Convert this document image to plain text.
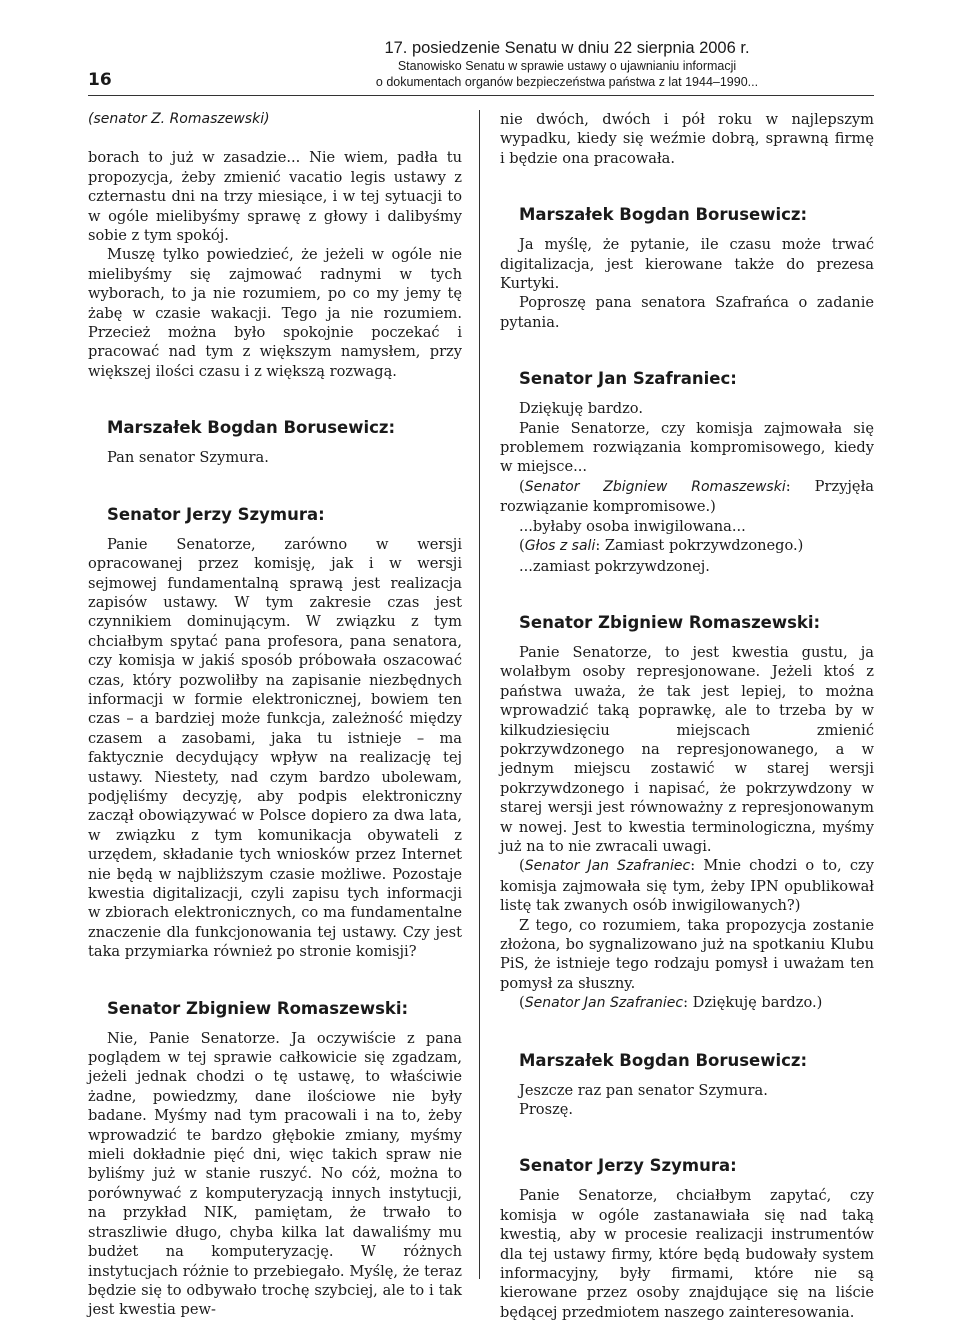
16
17. posiedzenie Senatu w dniu 22 sierpnia 2006 r.
Stanowisko Senatu w sprawie ustawy o ujawnianiu informacji
o dokumentach organów bezpieczeństwa państwa z lat 1944–1990...

(senator Z. Romaszewski)

borach to już w zasadzie... Nie wiem, padła tu propozycja, żeby zmienić vacatio legis ustawy z czternastu dni na trzy miesiące, i w tej sytuacji to w ogóle mielibyśmy sprawę z głowy i dalibyśmy sobie z tym spokój.

Muszę tylko powiedzieć, że jeżeli w ogóle nie mielibyśmy się zajmować radnymi w tych wyborach, to ja nie rozumiem, po co my jemy tę żabę w czasie wakacji. Tego ja nie rozumiem. Przecież można było spokojnie poczekać i pracować nad tym z większym namysłem, przy większej ilości czasu i z większą rozwagą.

Marszałek Bogdan Borusewicz:

Pan senator Szymura.

Senator Jerzy Szymura:

Panie Senatorze, zarówno w wersji opracowanej przez komisję, jak i w wersji sejmowej fundamentalną sprawą jest realizacja zapisów ustawy. W tym zakresie czas jest czynnikiem dominującym. W związku z tym chciałbym spytać pana profesora, pana senatora, czy komisja w jakiś sposób próbowała oszacować czas, który pozwoliłby na zapisanie niezbędnych informacji w formie elektronicznej, bowiem ten czas – a bardziej może funkcja, zależność między czasem a zasobami, jaka tu istnieje – ma faktycznie decydujący wpływ na realizację tej ustawy. Niestety, nad czym bardzo ubolewam, podjęliśmy decyzję, aby podpis elektroniczny zaczął obowiązywać w Polsce dopiero za dwa lata, w związku z tym komunikacja obywateli z urzędem, składanie tych wniosków przez Internet nie będą w najbliższym czasie możliwe. Pozostaje kwestia digitalizacji, czyli zapisu tych informacji w zbiorach elektronicznych, co ma fundamentalne znaczenie dla funkcjonowania tej ustawy. Czy jest taka przymiarka również po stronie komisji?

Senator Zbigniew Romaszewski:

Nie, Panie Senatorze. Ja oczywiście z pana poglądem w tej sprawie całkowicie się zgadzam, jeżeli jednak chodzi o tę ustawę, to właściwie żadne, powiedzmy, dane ilościowe nie były badane. Myśmy nad tym pracowali i na to, żeby wprowadzić te bardzo głębokie zmiany, myśmy mieli dokładnie pięć dni, więc takich spraw nie byliśmy już w stanie ruszyć. No cóż, można to porównywać z komputeryzacją innych instytucji, na przykład NIK, pamiętam, że trwało to straszliwie długo, chyba kilka lat dawaliśmy mu budżet na komputeryzację. W różnych instytucjach różnie to przebiegało. Myślę, że teraz będzie się to odbywało trochę szybciej, ale to i tak jest kwestia pew-

nie dwóch, dwóch i pół roku w najlepszym wypadku, kiedy się weźmie dobrą, sprawną firmę i będzie ona pracowała.

Marszałek Bogdan Borusewicz:

Ja myślę, że pytanie, ile czasu może trwać digitalizacja, jest kierowane także do prezesa Kurtyki.

Poproszę pana senatora Szafrańca o zadanie pytania.

Senator Jan Szafraniec:

Dziękuję bardzo.

Panie Senatorze, czy komisja zajmowała się problemem rozwiązania kompromisowego, kiedy w miejsce...

(Senator Zbigniew Romaszewski: Przyjęła rozwiązanie kompromisowe.)

...byłaby osoba inwigilowana...

(Głos z sali: Zamiast pokrzywdzonego.)

...zamiast pokrzywdzonej.

Senator Zbigniew Romaszewski:

Panie Senatorze, to jest kwestia gustu, ja wolałbym osoby represjonowane. Jeżeli ktoś z państwa uważa, że tak jest lepiej, to można wprowadzić taką poprawkę, ale to trzeba by w kilkudziesięciu miejscach zmienić pokrzywdzonego na represjonowanego, a w jednym miejscu zostawić w starej wersji pokrzywdzonego i napisać, że pokrzywdzony w starej wersji jest równoważny z represjonowanym w nowej. Jest to kwestia terminologiczna, myśmy już na to nie zwracali uwagi.

(Senator Jan Szafraniec: Mnie chodzi o to, czy komisja zajmowała się tym, żeby IPN opublikował listę tak zwanych osób inwigilowanych?)

Z tego, co rozumiem, taka propozycja zostanie złożona, bo sygnalizowano już na spotkaniu Klubu PiS, że istnieje tego rodzaju pomysł i uważam ten pomysł za słuszny.

(Senator Jan Szafraniec: Dziękuję bardzo.)

Marszałek Bogdan Borusewicz:

Jeszcze raz pan senator Szymura.

Proszę.

Senator Jerzy Szymura:

Panie Senatorze, chciałbym zapytać, czy komisja w ogóle zastanawiała się nad taką kwestią, aby w procesie realizacji instrumentów dla tej ustawy firmy, które będą budowały system informacyjny, były firmami, które nie są kierowane przez osoby znajdujące się na liście będącej przedmiotem naszego zainteresowania.
